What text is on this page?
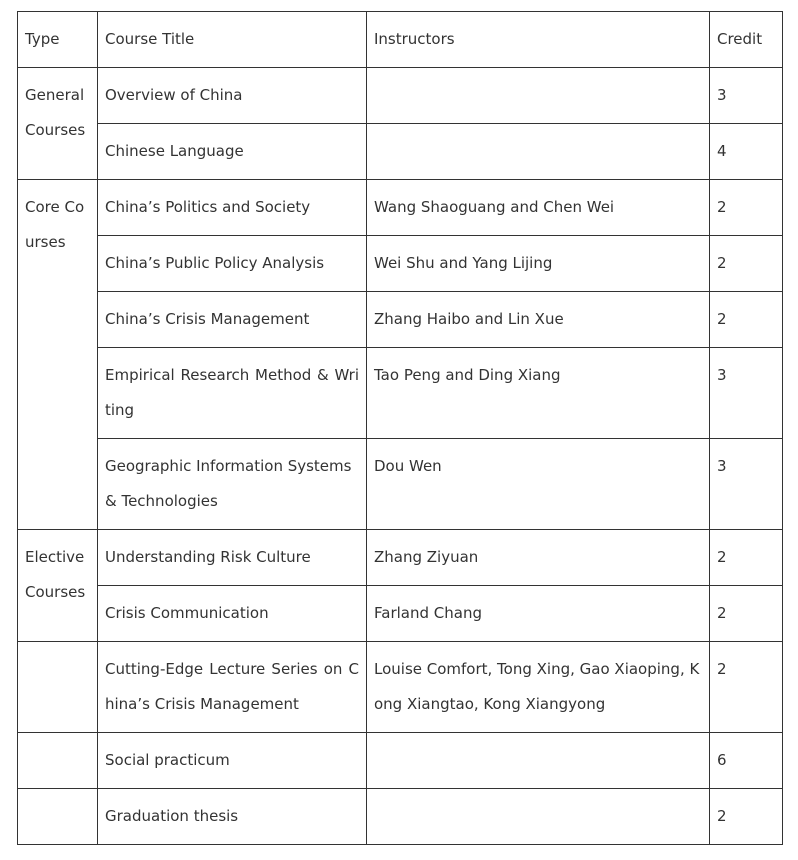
Type	Course Title	Instructors	Credit
General Courses	Overview of China		3
	Chinese Language		4
Core Courses	China’s Politics and Society	Wang Shaoguang and Chen Wei	2
	China’s Public Policy Analysis	Wei Shu and Yang Lijing	2
	China’s Crisis Management	Zhang Haibo and Lin Xue	2
	Empirical Research Method & Writing	Tao Peng and Ding Xiang	3
	Geographic Information Systems & Technologies	Dou Wen	3
Elective Courses	Understanding Risk Culture	Zhang Ziyuan	2
	Crisis Communication	Farland Chang	2
	Cutting-Edge Lecture Series on China’s Crisis Management	Louise Comfort, Tong Xing, Gao Xiaoping, Kong Xiangtao, Kong Xiangyong	2
	Social practicum		6
	Graduation thesis		2
